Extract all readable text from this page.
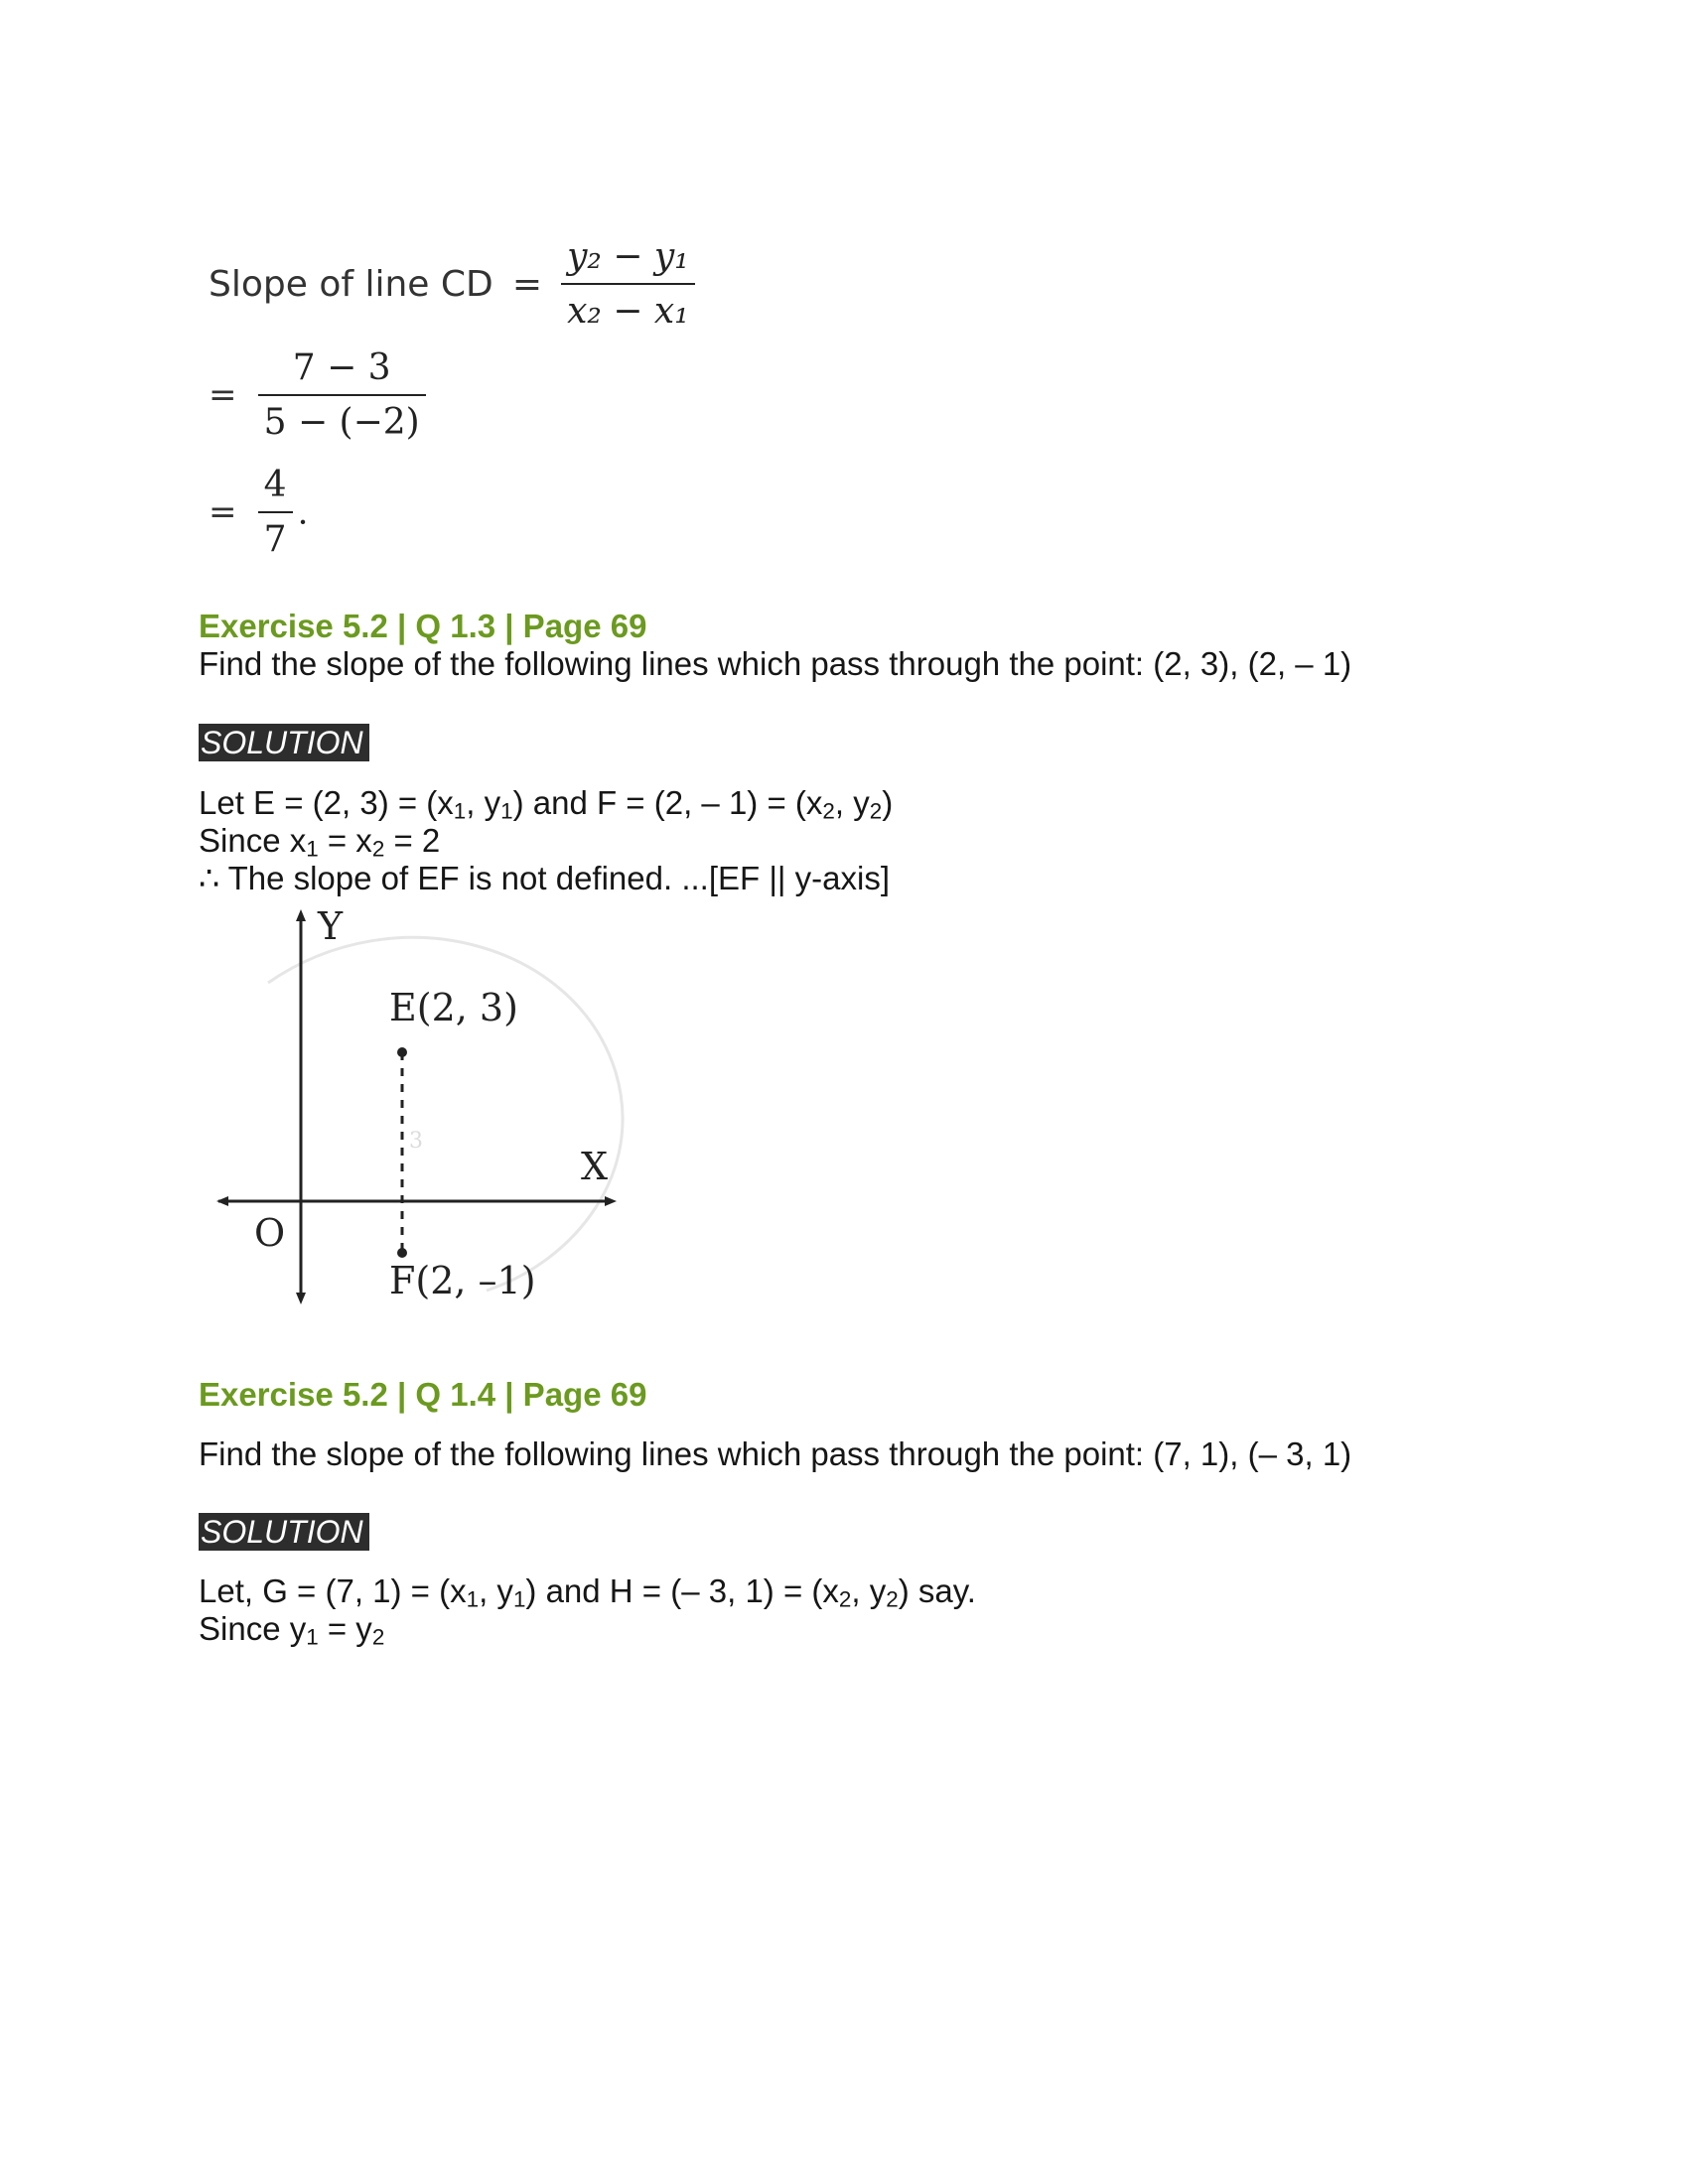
Slope of line CD = $\frac{\text{y₂ − y₁}}{\text{x₂ − x₁}}$
= $\frac{7 - 3}{5 - (-2)}$
= $\frac{4}{7}$ .
Exercise 5.2 | Q 1.3 | Page 69
Find the slope of the following lines which pass through the point: (2, 3), (2, – 1)
SOLUTION
Let E = (2, $3) = (x_1$, $y_1$) and F = (2, – $1) = (x_2$, $y_2$)
Since $x_1 = x_2 = 2$
∴ The slope of EF is not defined. ...[EF || y-axis]
Y
X
O
E(2, 3)
F(2, –1)
3
Exercise 5.2 | Q 1.4 | Page 69
Find the slope of the following lines which pass through the point: (7, 1), (– 3, 1)
SOLUTION
Let, G = (7, $1) = (x_1$, $y_1$) and H = (– 3, $1) = (x_2$, $y_2$) say.
Since $y_1 = y_2$
